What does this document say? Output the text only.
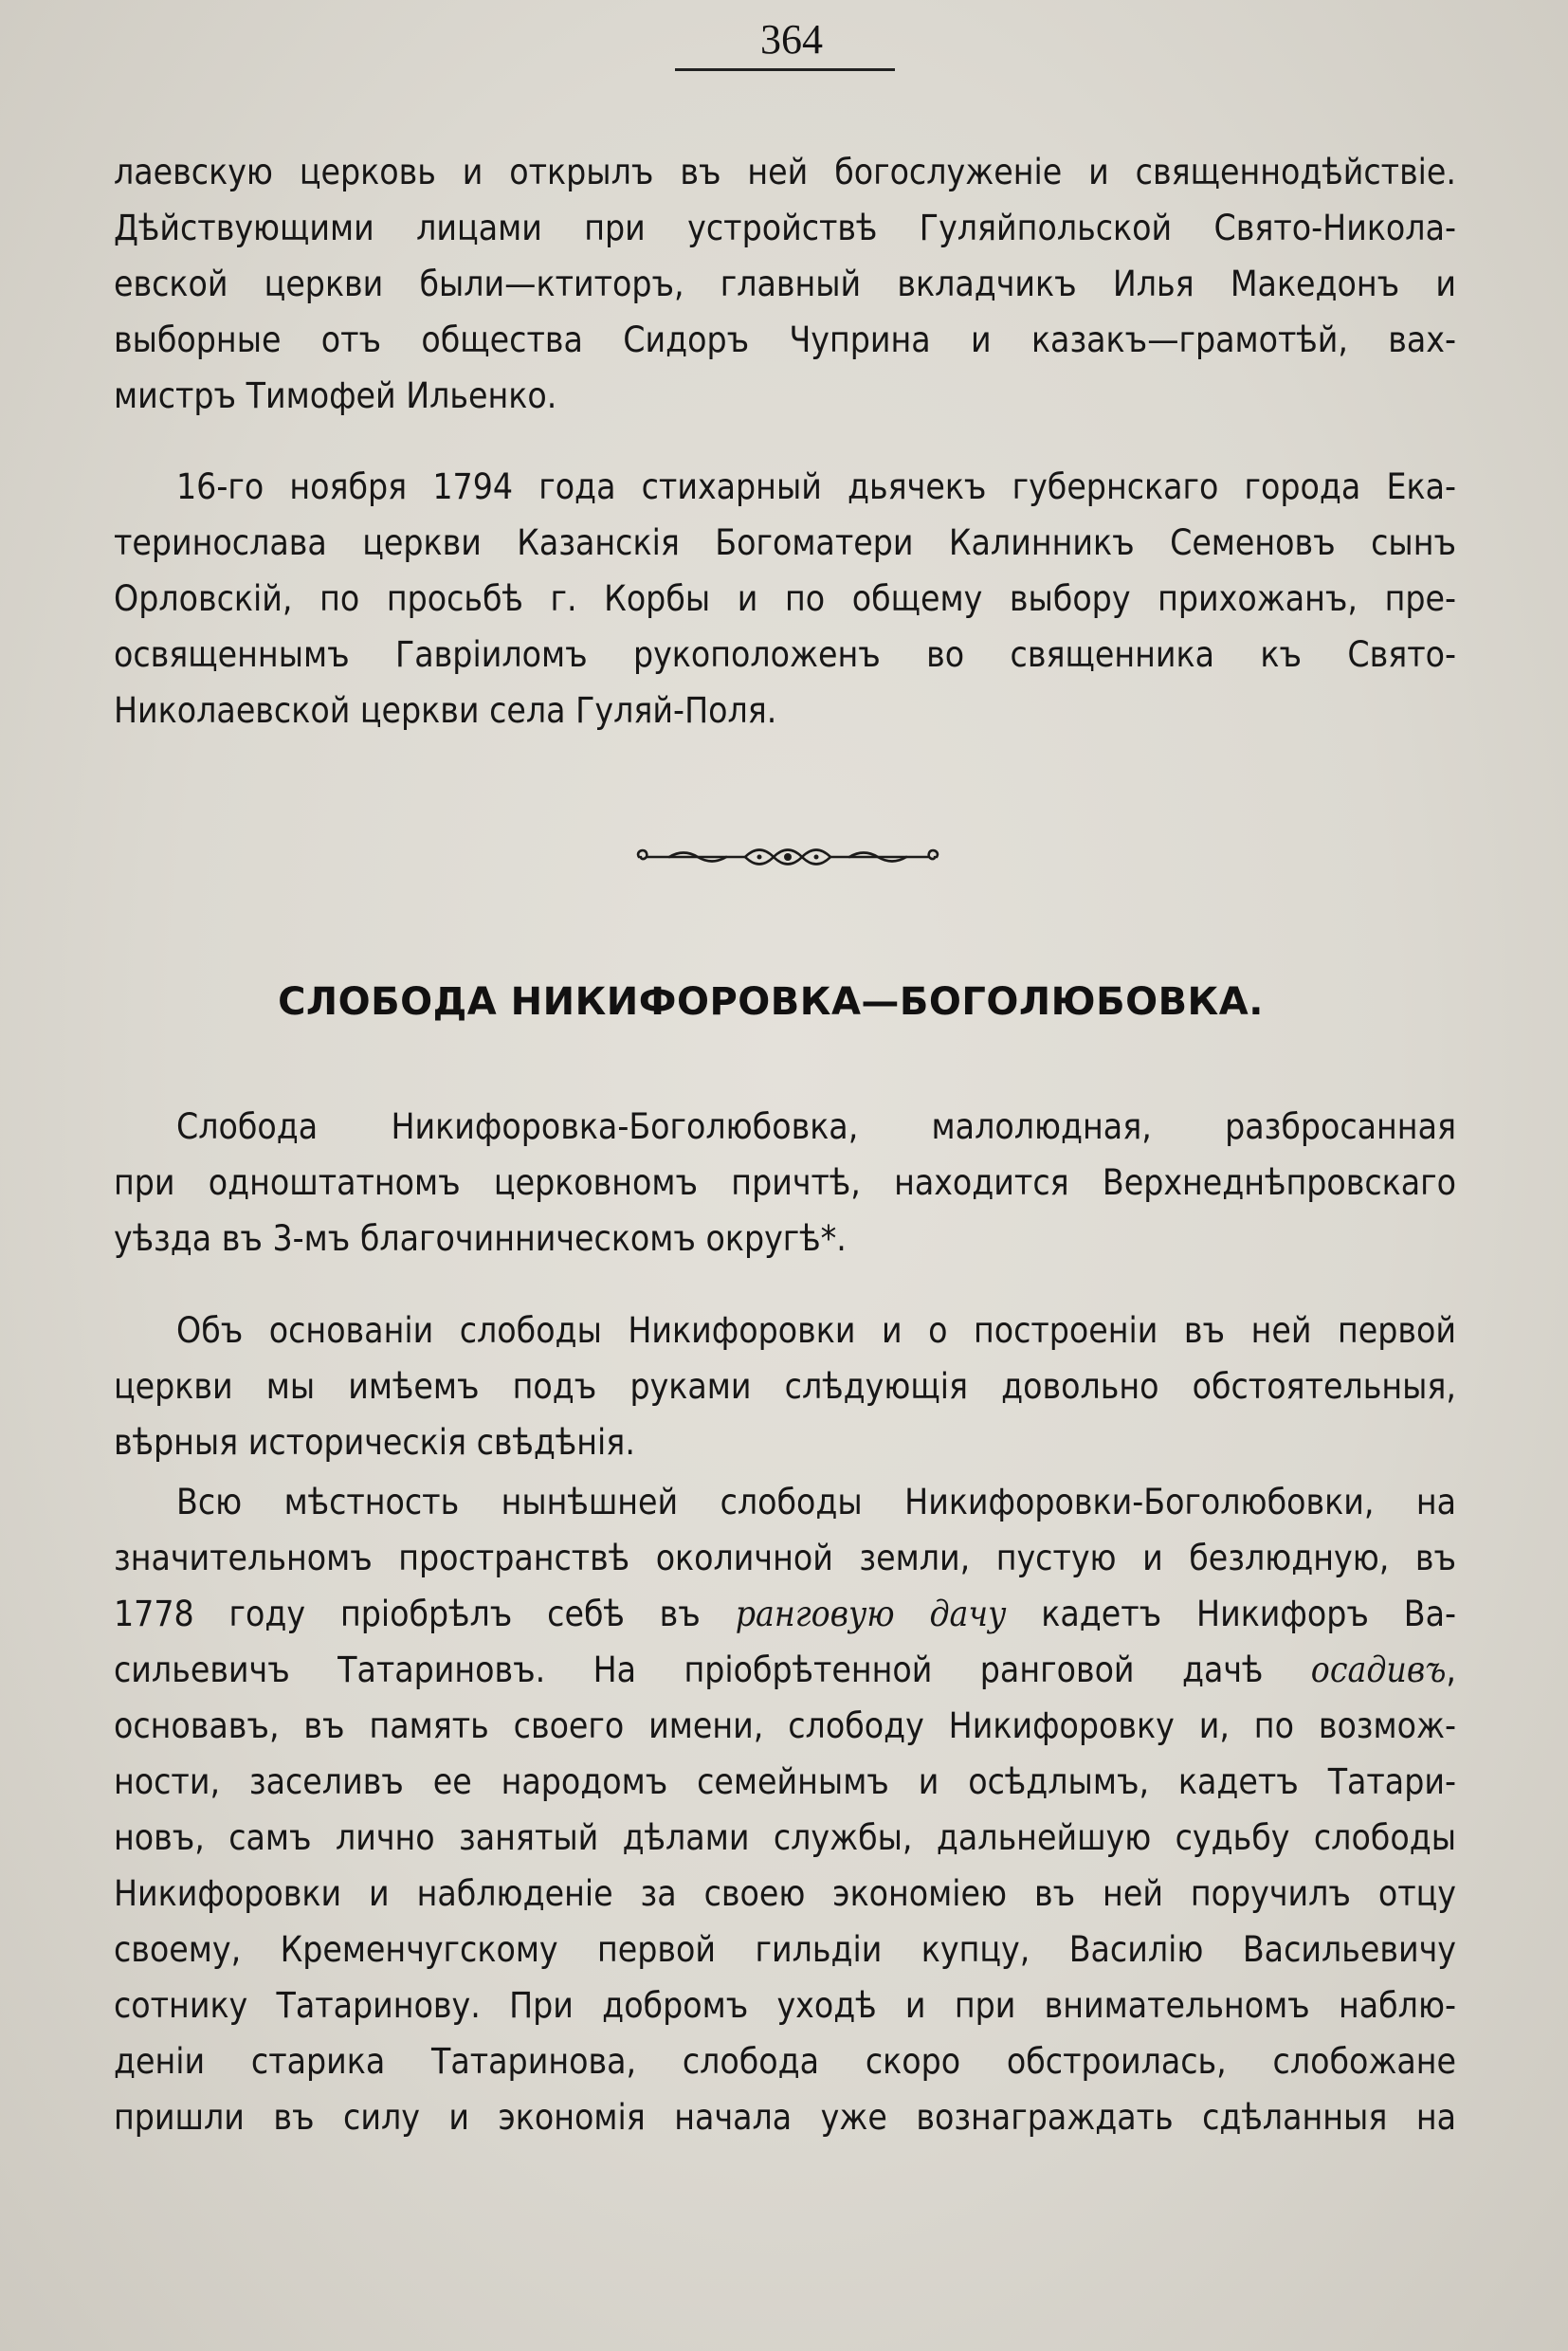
364
лаевскую церковь и открылъ въ ней богослуженіе и священнодѣйствіе.
Дѣйствующими лицами при устройствѣ Гуляйпольской Свято-Никола-
евской церкви были—ктиторъ, главный вкладчикъ Илья Македонъ и
выборные отъ общества Сидоръ Чуприна и казакъ—грамотѣй, вах-
мистръ Тимофей Ильенко.
16-го ноября 1794 года стихарный дьячекъ губернскаго города Ека-
теринослава церкви Казанскія Богоматери Калинникъ Семеновъ сынъ
Орловскій, по просьбѣ г. Корбы и по общему выбору прихожанъ, пре-
освященнымъ Гавріиломъ рукоположенъ во священника къ Свято-
Николаевской церкви села Гуляй-Поля.
СЛОБОДА НИКИФОРОВКА—БОГОЛЮБОВКА.
Слобода Никифоровка-Боголюбовка, малолюдная, разбросанная
при одноштатномъ церковномъ причтѣ, находится Верхнеднѣпровскаго
уѣзда въ 3-мъ благочинническомъ округѣ*.
Объ основаніи слободы Никифоровки и о построеніи въ ней первой
церкви мы имѣемъ подъ руками слѣдующія довольно обстоятельныя,
вѣрныя историческія свѣдѣнія.
Всю мѣстность нынѣшней слободы Никифоровки-Боголюбовки, на
значительномъ пространствѣ околичной земли, пустую и безлюдную, въ
1778 году пріобрѣлъ себѣ въ ранговую дачу кадетъ Никифоръ Ва-
сильевичъ Татариновъ. На пріобрѣтенной ранговой дачѣ осадивъ,
основавъ, въ память своего имени, слободу Никифоровку и, по возмож-
ности, заселивъ ее народомъ семейнымъ и осѣдлымъ, кадетъ Татари-
новъ, самъ лично занятый дѣлами службы, дальнейшую судьбу слободы
Никифоровки и наблюденіе за своею экономіею въ ней поручилъ отцу
своему, Кременчугскому первой гильдіи купцу, Василію Васильевичу
сотнику Татаринову. При добромъ уходѣ и при внимательномъ наблю-
деніи старика Татаринова, слобода скоро обстроилась, слобожане
пришли въ силу и экономія начала уже вознаграждать сдѣланныя на
